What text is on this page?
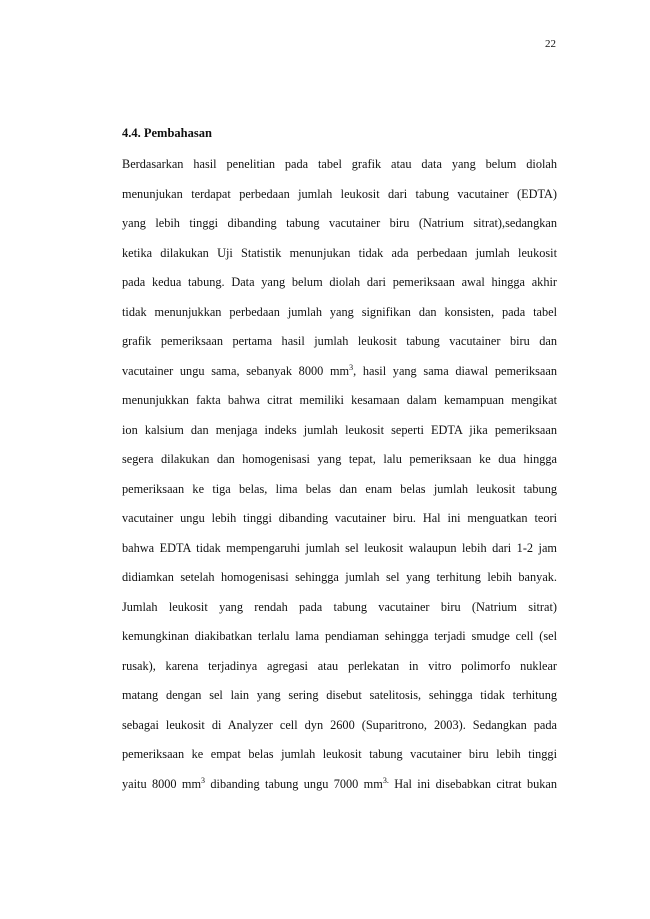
22
4.4. Pembahasan
Berdasarkan hasil penelitian pada tabel grafik atau data yang belum diolah
menunjukan terdapat perbedaan jumlah leukosit dari tabung vacutainer (EDTA)
yang lebih tinggi dibanding tabung vacutainer biru (Natrium sitrat),sedangkan
ketika dilakukan Uji Statistik menunjukan tidak ada perbedaan jumlah leukosit
pada kedua tabung. Data yang belum diolah dari pemeriksaan awal hingga akhir
tidak menunjukkan perbedaan jumlah yang signifikan dan konsisten, pada tabel
grafik pemeriksaan pertama hasil jumlah leukosit tabung vacutainer biru dan
vacutainer ungu sama, sebanyak 8000 $mm^3$, hasil yang sama diawal pemeriksaan
menunjukkan fakta bahwa citrat memiliki kesamaan dalam kemampuan mengikat
ion kalsium dan menjaga indeks jumlah leukosit seperti EDTA jika pemeriksaan
segera dilakukan dan homogenisasi yang tepat, lalu pemeriksaan ke dua hingga
pemeriksaan ke tiga belas, lima belas dan enam belas jumlah leukosit tabung
vacutainer ungu lebih tinggi dibanding vacutainer biru. Hal ini menguatkan teori
bahwa EDTA tidak mempengaruhi jumlah sel leukosit walaupun lebih dari 1-2 jam
didiamkan setelah homogenisasi sehingga jumlah sel yang terhitung lebih banyak.
Jumlah leukosit yang rendah pada tabung vacutainer biru (Natrium sitrat)
kemungkinan diakibatkan terlalu lama pendiaman sehingga terjadi smudge cell (sel
rusak), karena terjadinya agregasi atau perlekatan in vitro polimorfo nuklear
matang dengan sel lain yang sering disebut satelitosis, sehingga tidak terhitung
sebagai leukosit di Analyzer cell dyn 2600 (Suparitrono, 2003). Sedangkan pada
pemeriksaan ke empat belas jumlah leukosit tabung vacutainer biru lebih tinggi
yaitu 8000 $mm^3$ dibanding tabung ungu 7000 $mm^{3.}$ Hal ini disebabkan citrat bukan
